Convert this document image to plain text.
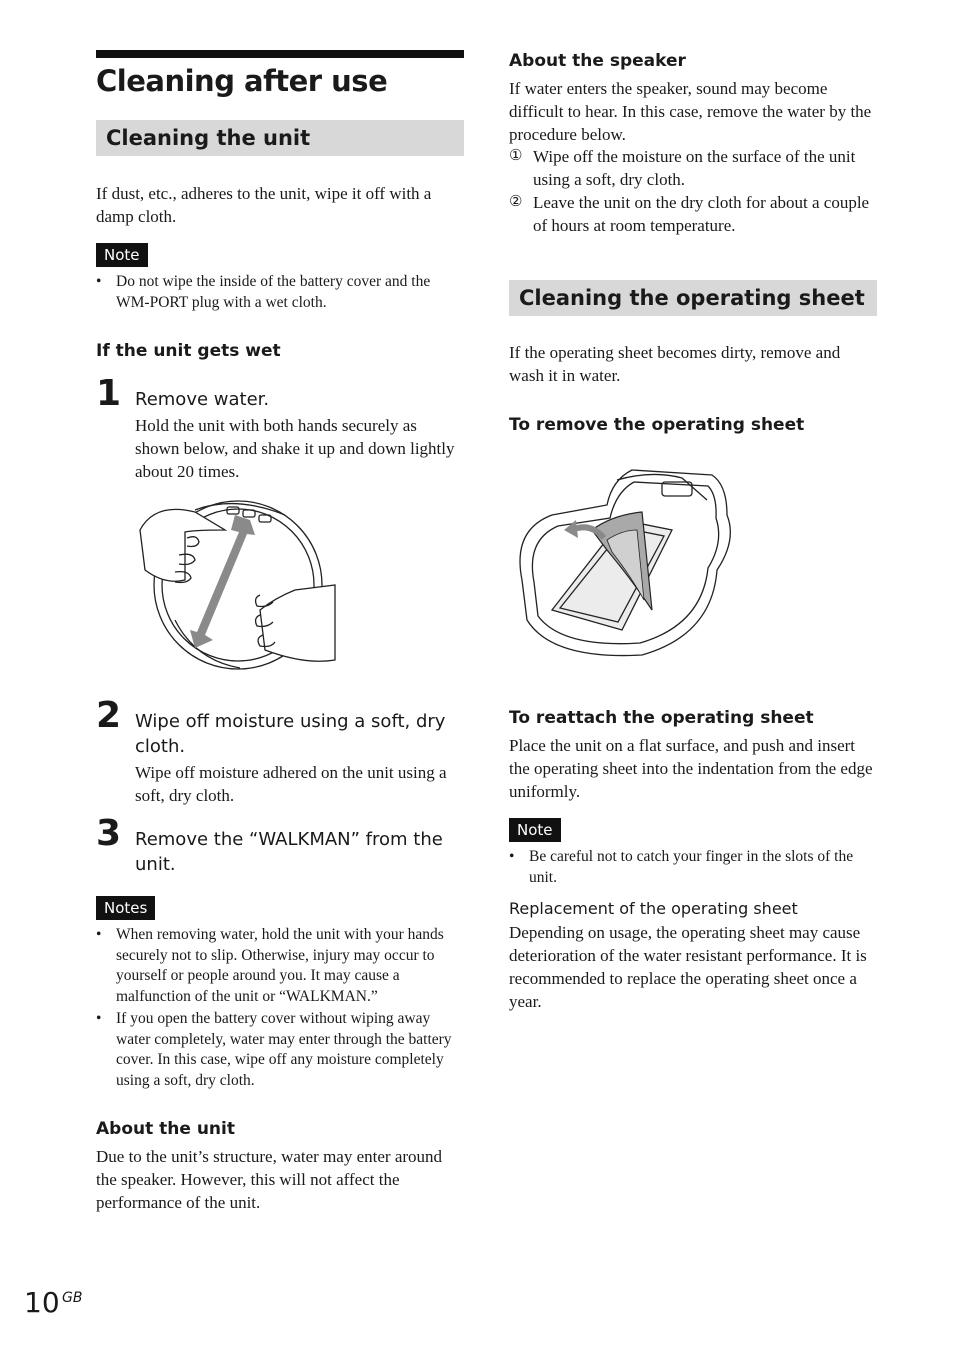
Cleaning after use
Cleaning the unit

If dust, etc., adheres to the unit, wipe it off with a damp cloth.

Note
• Do not wipe the inside of the battery cover and the WM-PORT plug with a wet cloth.
If the unit gets wet
1 Remove water.

Hold the unit with both hands securely as shown below, and shake it up and down lightly about 20 times.

2 Wipe off moisture using a soft, dry cloth.

Wipe off moisture adhered on the unit using a soft, dry cloth.

3 Remove the “WALKMAN” from the unit.
Notes
• When removing water, hold the unit with your hands securely not to slip. Otherwise, injury may occur to yourself or people around you. It may cause a malfunction of the unit or “WALKMAN.”
• If you open the battery cover without wiping away water completely, water may enter through the battery cover. In this case, wipe off any moisture completely using a soft, dry cloth.
About the unit

Due to the unit’s structure, water may enter around the speaker. However, this will not affect the performance of the unit.

About the speaker

If water enters the speaker, sound may become difficult to hear. In this case, remove the water by the procedure below.

① Wipe off the moisture on the surface of the unit using a soft, dry cloth.
② Leave the unit on the dry cloth for about a couple of hours at room temperature.
Cleaning the operating sheet

If the operating sheet becomes dirty, remove and wash it in water.

To remove the operating sheet
To reattach the operating sheet

Place the unit on a flat surface, and push and insert the operating sheet into the indentation from the edge uniformly.

Note
• Be careful not to catch your finger in the slots of the unit.

Replacement of the operating sheet

Depending on usage, the operating sheet may cause deterioration of the water resistant performance. It is recommended to replace the operating sheet once a year.

10 GB
